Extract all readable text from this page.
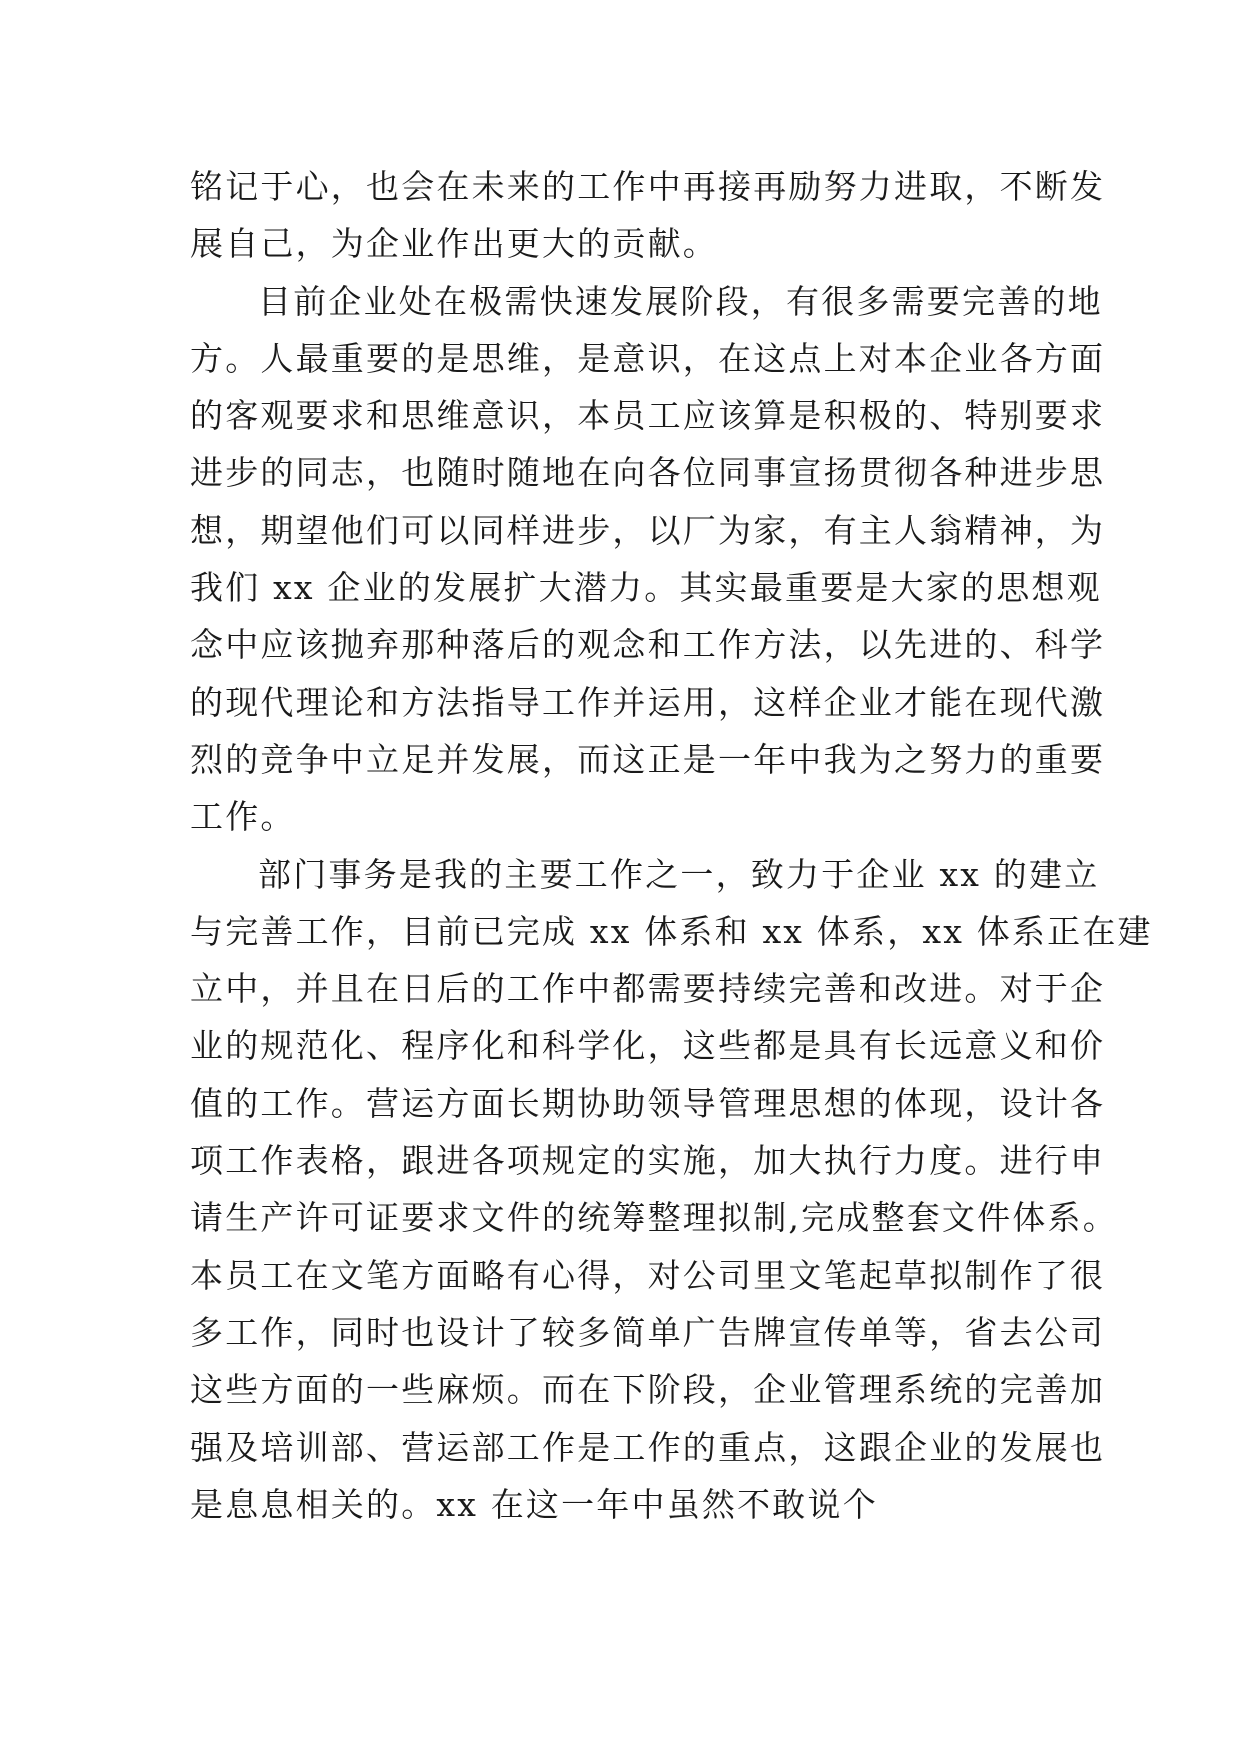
铭记于心，也会在未来的工作中再接再励努力进取，不断发
展自己，为企业作出更大的贡献。
目前企业处在极需快速发展阶段，有很多需要完善的地
方。人最重要的是思维，是意识，在这点上对本企业各方面
的客观要求和思维意识，本员工应该算是积极的、特别要求
进步的同志，也随时随地在向各位同事宣扬贯彻各种进步思
想，期望他们可以同样进步，以厂为家，有主人翁精神，为
我们 xx 企业的发展扩大潜力。其实最重要是大家的思想观
念中应该抛弃那种落后的观念和工作方法，以先进的、科学
的现代理论和方法指导工作并运用，这样企业才能在现代激
烈的竞争中立足并发展，而这正是一年中我为之努力的重要
工作。
部门事务是我的主要工作之一，致力于企业 xx 的建立
与完善工作，目前已完成 xx 体系和 xx 体系，xx 体系正在建
立中，并且在日后的工作中都需要持续完善和改进。对于企
业的规范化、程序化和科学化，这些都是具有长远意义和价
值的工作。营运方面长期协助领导管理思想的体现，设计各
项工作表格，跟进各项规定的实施，加大执行力度。进行申
请生产许可证要求文件的统筹整理拟制,完成整套文件体系。
本员工在文笔方面略有心得，对公司里文笔起草拟制作了很
多工作，同时也设计了较多简单广告牌宣传单等，省去公司
这些方面的一些麻烦。而在下阶段，企业管理系统的完善加
强及培训部、营运部工作是工作的重点，这跟企业的发展也
是息息相关的。xx 在这一年中虽然不敢说个
